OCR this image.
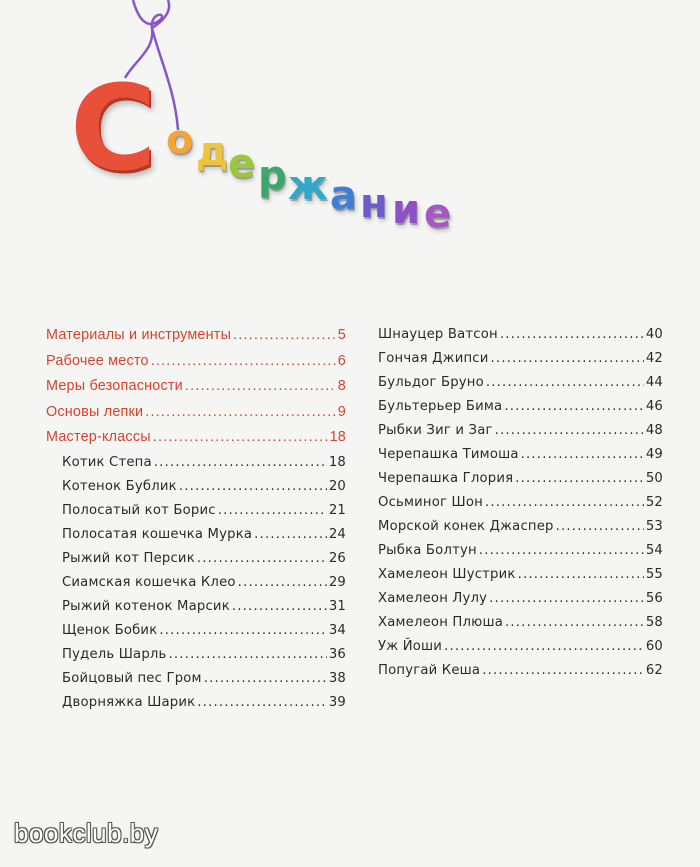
С о д е р ж а н и е
Материалы и инструменты .....	5
Рабочее место .....	6
Меры безопасности .....	8
Основы лепки .....	9
Мастер-классы .....	18
Котик Степа .....	18
Котенок Бублик .....	20
Полосатый кот Борис .....	21
Полосатая кошечка Мурка .....	24
Рыжий кот Персик .....	26
Сиамская кошечка Клео .....	29
Рыжий котенок Марсик .....	31
Щенок Бобик .....	34
Пудель Шарль .....	36
Бойцовый пес Гром .....	38
Дворняжка Шарик .....	39
Шнауцер Ватсон .....	40
Гончая Джипси .....	42
Бульдог Бруно .....	44
Бультерьер Бима .....	46
Рыбки Зиг и Заг .....	48
Черепашка Тимоша .....	49
Черепашка Глория .....	50
Осьминог Шон .....	52
Морской конек Джаспер .....	53
Рыбка Болтун .....	54
Хамелеон Шустрик .....	55
Хамелеон Лулу .....	56
Хамелеон Плюша .....	58
Уж Йоши .....	60
Попугай Кеша .....	62
bookclub.by
